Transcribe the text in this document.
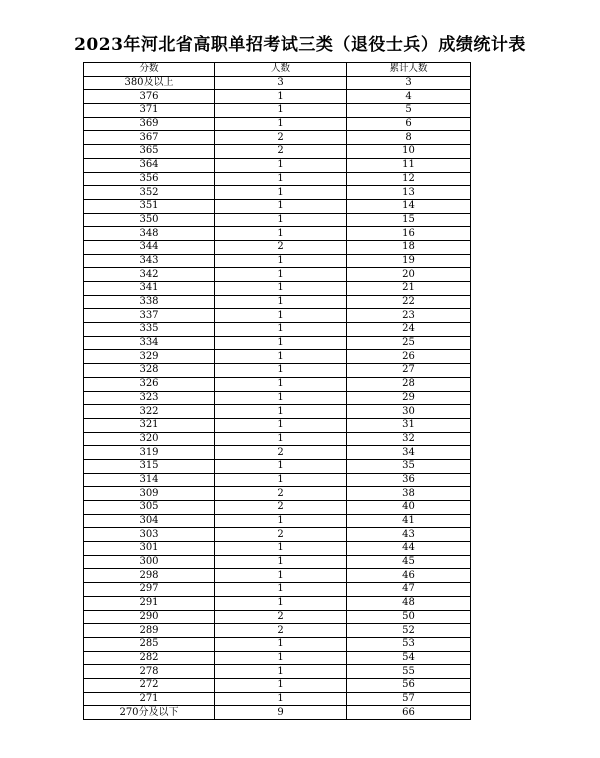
2023年河北省高职单招考试三类（退役士兵）成绩统计表
分数	人数	累计人数
380及以上	3	3
376	1	4
371	1	5
369	1	6
367	2	8
365	2	10
364	1	11
356	1	12
352	1	13
351	1	14
350	1	15
348	1	16
344	2	18
343	1	19
342	1	20
341	1	21
338	1	22
337	1	23
335	1	24
334	1	25
329	1	26
328	1	27
326	1	28
323	1	29
322	1	30
321	1	31
320	1	32
319	2	34
315	1	35
314	1	36
309	2	38
305	2	40
304	1	41
303	2	43
301	1	44
300	1	45
298	1	46
297	1	47
291	1	48
290	2	50
289	2	52
285	1	53
282	1	54
278	1	55
272	1	56
271	1	57
270分及以下	9	66
